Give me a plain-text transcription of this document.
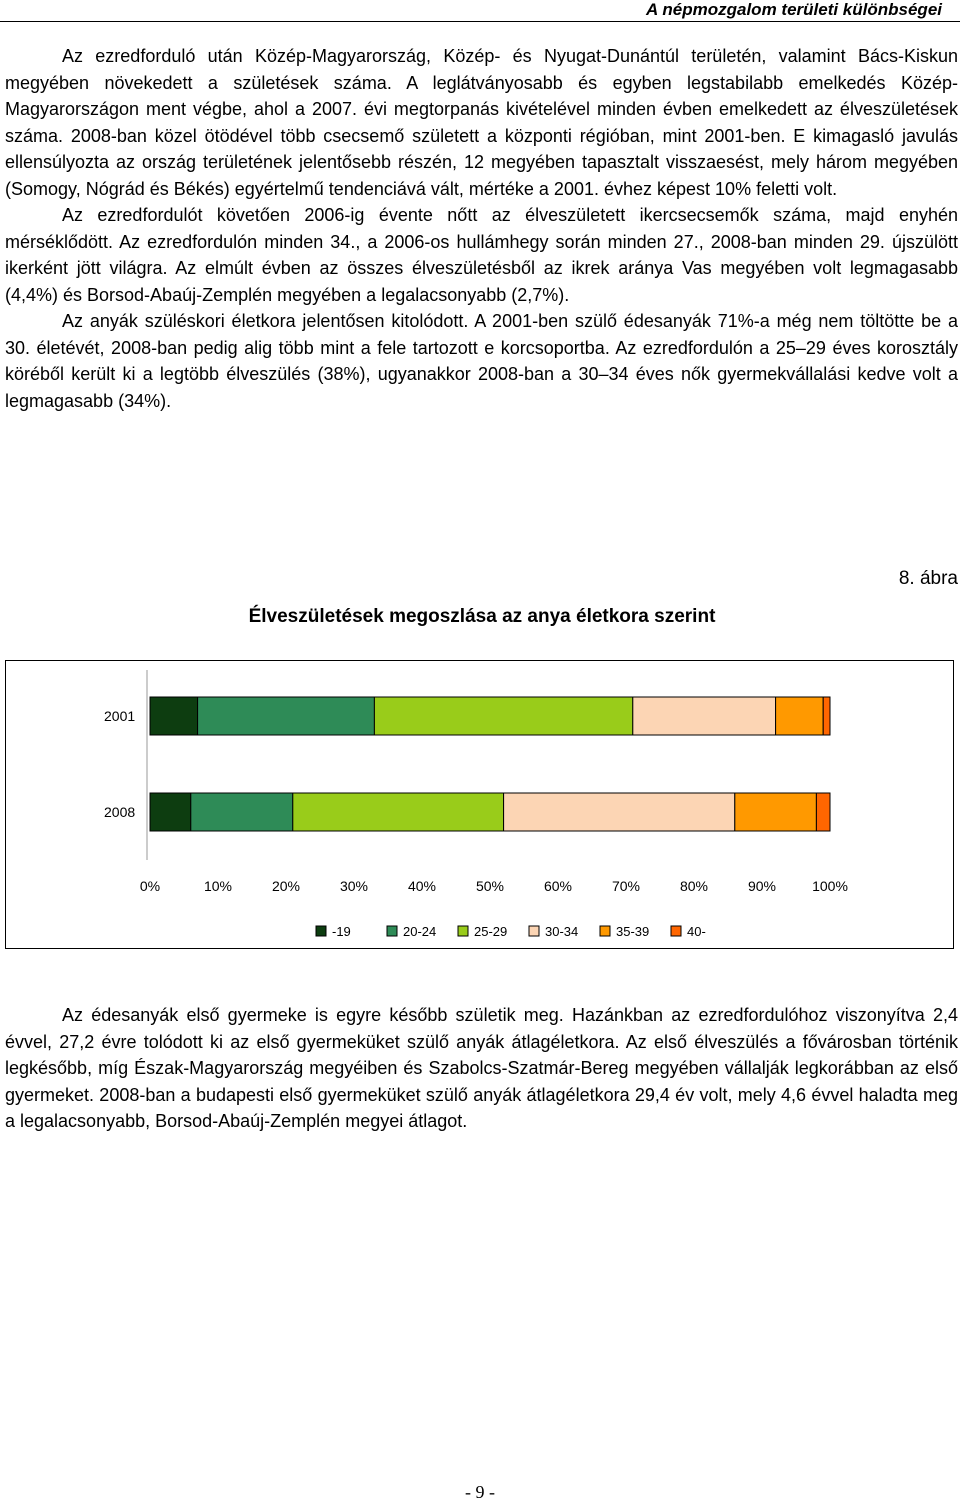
A népmozgalom területi különbségei

Az ezredforduló után Közép-Magyarország, Közép- és Nyugat-Dunántúl területén, valamint Bács-Kiskun megyében növekedett a születések száma. A leglátványosabb és egyben legstabilabb emelkedés Közép-Magyarországon ment végbe, ahol a 2007. évi megtorpanás kivételével minden évben emelkedett az élveszületések száma. 2008-ban közel ötödével több csecsemő született a központi régióban, mint 2001-ben. E kimagasló javulás ellensúlyozta az ország területének jelentősebb részén, 12 megyében tapasztalt visszaesést, mely három megyében (Somogy, Nógrád és Békés) egyértelmű tendenciává vált, mértéke a 2001. évhez képest 10% feletti volt.

Az ezredfordulót követően 2006-ig évente nőtt az élveszületett ikercsecsemők száma, majd enyhén mérséklődött. Az ezredfordulón minden 34., a 2006-os hullámhegy során minden 27., 2008-ban minden 29. újszülött ikerként jött világra. Az elmúlt évben az összes élveszületésből az ikrek aránya Vas megyében volt legmagasabb (4,4%) és Borsod-Abaúj-Zemplén megyében a legalacsonyabb (2,7%).

Az anyák szüléskori életkora jelentősen kitolódott. A 2001-ben szülő édesanyák 71%-a még nem töltötte be a 30. életévét, 2008-ban pedig alig több mint a fele tartozott e korcsoportba. Az ezredfordulón a 25–29 éves korosztály köréből került ki a legtöbb élveszülés (38%), ugyanakkor 2008-ban a 30–34 éves nők gyermekvállalási kedve volt a legmagasabb (34%).

8. ábra
Élveszületések megoszlása az anya életkora szerint
2001
2008
0%	10%	20%	30%	40%	50%	60%	70%	80%	90%	100%
-19	20-24	25-29	30-34	35-39	40-

Az édesanyák első gyermeke is egyre később születik meg. Hazánkban az ezredfordulóhoz viszonyítva 2,4 évvel, 27,2 évre tolódott ki az első gyermeküket szülő anyák átlagéletkora. Az első élveszülés a fővárosban történik legkésőbb, míg Észak-Magyarország megyéiben és Szabolcs-Szatmár-Bereg megyében vállalják legkorábban az első gyermeket. 2008-ban a budapesti első gyermeküket szülő anyák átlagéletkora 29,4 év volt, mely 4,6 évvel haladta meg a legalacsonyabb, Borsod-Abaúj-Zemplén megyei átlagot.

- 9 -
